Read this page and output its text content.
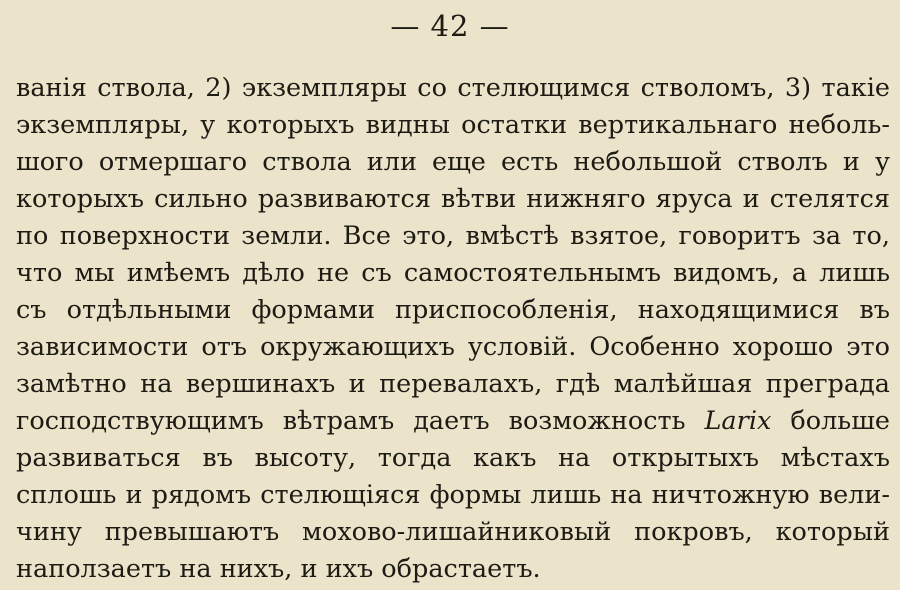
— 42 —
ванія ствола, 2) экземпляры со стелющимся стволомъ, 3) такіе
экземпляры, у которыхъ видны остатки вертикальнаго неболь-
шого отмершаго ствола или еще есть небольшой стволъ и у
которыхъ сильно развиваются вѣтви нижняго яруса и стелятся
по поверхности земли. Все это, вмѣстѣ взятое, говоритъ за то,
что мы имѣемъ дѣло не съ самостоятельнымъ видомъ, а лишь
съ отдѣльными формами приспособленія, находящимися въ
зависимости отъ окружающихъ условій. Особенно хорошо это
замѣтно на вершинахъ и перевалахъ, гдѣ малѣйшая преграда
господствующимъ вѣтрамъ даетъ возможность Larix больше
развиваться въ высоту, тогда какъ на открытыхъ мѣстахъ
сплошь и рядомъ стелющіяся формы лишь на ничтожную вели-
чину превышаютъ мохово-лишайниковый покровъ, который
наползаетъ на нихъ, и ихъ обрастаетъ.
